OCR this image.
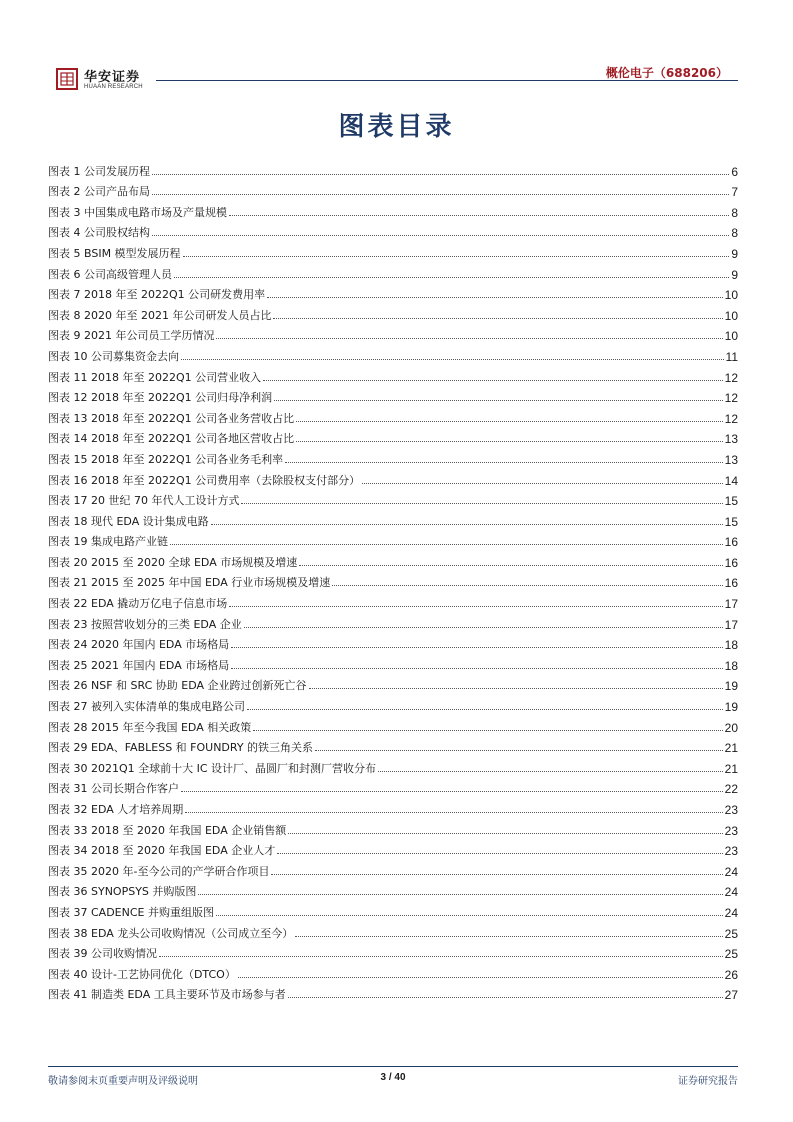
华安证券
HUAAN RESEARCH
概伦电子（688206）
图表目录
图表 1 公司发展历程	6
图表 2 公司产品布局	7
图表 3 中国集成电路市场及产量规模	8
图表 4 公司股权结构	8
图表 5 BSIM 模型发展历程	9
图表 6 公司高级管理人员	9
图表 7 2018 年至 2022Q1 公司研发费用率	10
图表 8 2020 年至 2021 年公司研发人员占比	10
图表 9 2021 年公司员工学历情况	10
图表 10 公司募集资金去向	11
图表 11 2018 年至 2022Q1 公司营业收入	12
图表 12 2018 年至 2022Q1 公司归母净利润	12
图表 13 2018 年至 2022Q1 公司各业务营收占比	12
图表 14 2018 年至 2022Q1 公司各地区营收占比	13
图表 15 2018 年至 2022Q1 公司各业务毛利率	13
图表 16 2018 年至 2022Q1 公司费用率（去除股权支付部分）	14
图表 17 20 世纪 70 年代人工设计方式	15
图表 18 现代 EDA 设计集成电路	15
图表 19 集成电路产业链	16
图表 20 2015 至 2020 全球 EDA 市场规模及增速	16
图表 21 2015 至 2025 年中国 EDA 行业市场规模及增速	16
图表 22 EDA 撬动万亿电子信息市场	17
图表 23 按照营收划分的三类 EDA 企业	17
图表 24 2020 年国内 EDA 市场格局	18
图表 25 2021 年国内 EDA 市场格局	18
图表 26 NSF 和 SRC 协助 EDA 企业跨过创新死亡谷	19
图表 27 被列入实体清单的集成电路公司	19
图表 28 2015 年至今我国 EDA 相关政策	20
图表 29 EDA、FABLESS 和 FOUNDRY 的铁三角关系	21
图表 30 2021Q1 全球前十大 IC 设计厂、晶圆厂和封测厂营收分布	21
图表 31 公司长期合作客户	22
图表 32 EDA 人才培养周期	23
图表 33 2018 至 2020 年我国 EDA 企业销售额	23
图表 34 2018 至 2020 年我国 EDA 企业人才	23
图表 35 2020 年-至今公司的产学研合作项目	24
图表 36 SYNOPSYS 并购版图	24
图表 37 CADENCE 并购重组版图	24
图表 38 EDA 龙头公司收购情况（公司成立至今）	25
图表 39 公司收购情况	25
图表 40 设计-工艺协同优化（DTCO）	26
图表 41 制造类 EDA 工具主要环节及市场参与者	27
敬请参阅末页重要声明及评级说明	3 / 40	证券研究报告
